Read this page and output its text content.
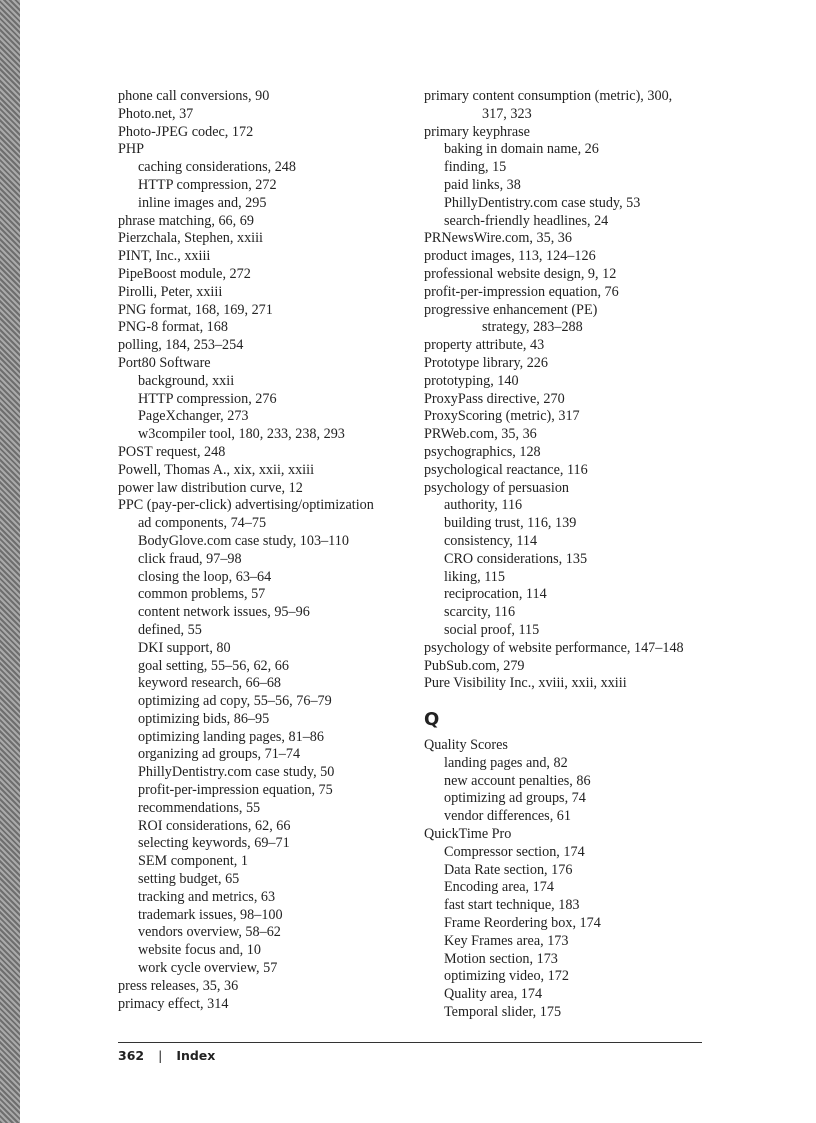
phone call conversions, 90
Photo.net, 37
Photo-JPEG codec, 172
PHP
caching considerations, 248
HTTP compression, 272
inline images and, 295
phrase matching, 66, 69
Pierzchala, Stephen, xxiii
PINT, Inc., xxiii
PipeBoost module, 272
Pirolli, Peter, xxiii
PNG format, 168, 169, 271
PNG-8 format, 168
polling, 184, 253–254
Port80 Software
background, xxii
HTTP compression, 276
PageXchanger, 273
w3compiler tool, 180, 233, 238, 293
POST request, 248
Powell, Thomas A., xix, xxii, xxiii
power law distribution curve, 12
PPC (pay-per-click) advertising/optimization
ad components, 74–75
BodyGlove.com case study, 103–110
click fraud, 97–98
closing the loop, 63–64
common problems, 57
content network issues, 95–96
defined, 55
DKI support, 80
goal setting, 55–56, 62, 66
keyword research, 66–68
optimizing ad copy, 55–56, 76–79
optimizing bids, 86–95
optimizing landing pages, 81–86
organizing ad groups, 71–74
PhillyDentistry.com case study, 50
profit-per-impression equation, 75
recommendations, 55
ROI considerations, 62, 66
selecting keywords, 69–71
SEM component, 1
setting budget, 65
tracking and metrics, 63
trademark issues, 98–100
vendors overview, 58–62
website focus and, 10
work cycle overview, 57
press releases, 35, 36
primacy effect, 314
primary content consumption (metric), 300,
317, 323
primary keyphrase
baking in domain name, 26
finding, 15
paid links, 38
PhillyDentistry.com case study, 53
search-friendly headlines, 24
PRNewsWire.com, 35, 36
product images, 113, 124–126
professional website design, 9, 12
profit-per-impression equation, 76
progressive enhancement (PE)
strategy, 283–288
property attribute, 43
Prototype library, 226
prototyping, 140
ProxyPass directive, 270
ProxyScoring (metric), 317
PRWeb.com, 35, 36
psychographics, 128
psychological reactance, 116
psychology of persuasion
authority, 116
building trust, 116, 139
consistency, 114
CRO considerations, 135
liking, 115
reciprocation, 114
scarcity, 116
social proof, 115
psychology of website performance, 147–148
PubSub.com, 279
Pure Visibility Inc., xviii, xxii, xxiii
Q
Quality Scores
landing pages and, 82
new account penalties, 86
optimizing ad groups, 74
vendor differences, 61
QuickTime Pro
Compressor section, 174
Data Rate section, 176
Encoding area, 174
fast start technique, 183
Frame Reordering box, 174
Key Frames area, 173
Motion section, 173
optimizing video, 172
Quality area, 174
Temporal slider, 175
362 | Index
